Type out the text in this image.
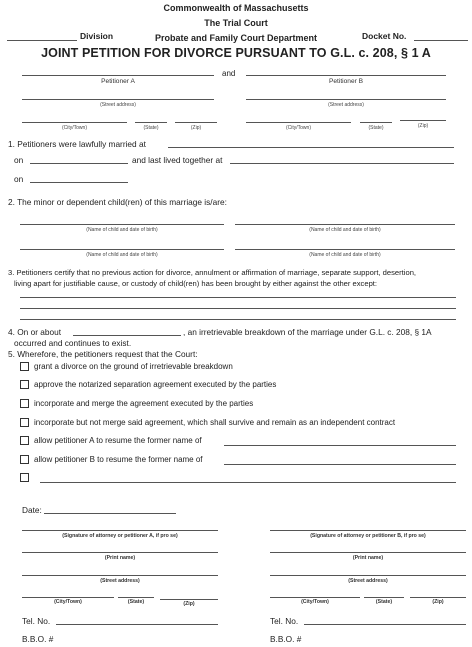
Commonwealth of Massachusetts
The Trial Court
Probate and Family Court Department
Division	Docket No.
JOINT PETITION FOR DIVORCE PURSUANT TO G.L. c. 208, § 1 A
and
Petitioner A	Petitioner B
(Street address)	(Street address)
(City/Town)	(State)	(Zip)	(City/Town)	(State)	(Zip)
1. Petitioners were lawfully married at
on	and last lived together at
on
2. The minor or dependent child(ren) of this marriage is/are:
(Name of child and date of birth)	(Name of child and date of birth)
(Name of child and date of birth)	(Name of child and date of birth)
3. Petitioners certify that no previous action for divorce, annulment or affirmation of marriage, separate support, desertion,
living apart for justifiable cause, or custody of child(ren) has been brought by either against the other except:
4. On or about	, an irretrievable breakdown of the marriage under G.L. c. 208, § 1A
occurred and continues to exist.
5. Wherefore, the petitioners request that the Court:
grant a divorce on the ground of irretrievable breakdown
approve the notarized separation agreement executed by the parties
incorporate and merge the agreement executed by the parties
incorporate but not merge said agreement, which shall survive and remain as an independent contract
allow petitioner A to resume the former name of
allow petitioner B to resume the former name of
Date:
(Signature of attorney or petitioner A, if pro se)
(Print name)
(Street address)
(City/Town)	(State)	(Zip)
Tel. No.
B.B.O. #
(Signature of attorney or petitioner B, if pro se)
(Print name)
(Street address)
(City/Town)	(State)	(Zip)
Tel. No.
B.B.O. #
